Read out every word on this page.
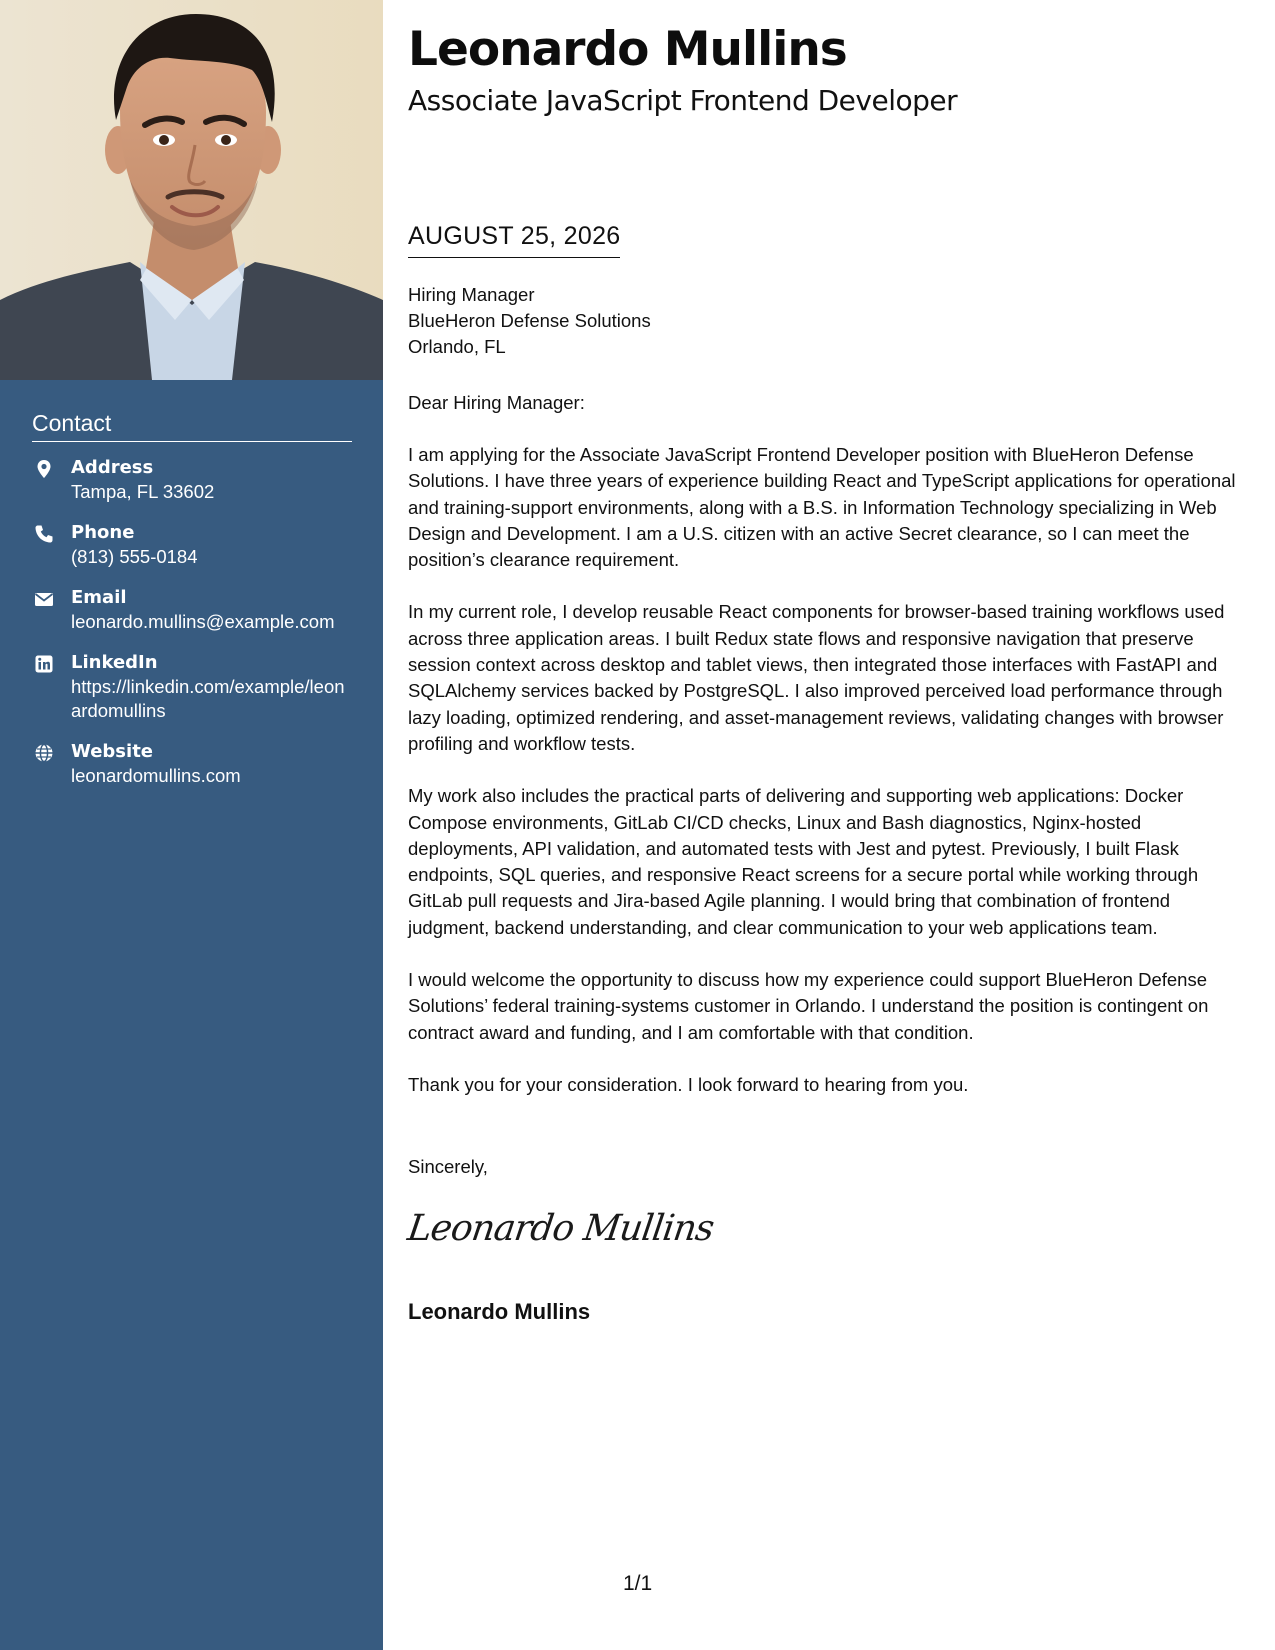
Contact
Address
Tampa, FL 33602
Phone
(813) 555-0184
Email
leonardo.mullins@example.com
LinkedIn
https://linkedin.com/example/leonardomullins
Website
leonardomullins.com
Leonardo Mullins
Associate JavaScript Frontend Developer
AUGUST 25, 2026
Hiring Manager
BlueHeron Defense Solutions
Orlando, FL
Dear Hiring Manager:

I am applying for the Associate JavaScript Frontend Developer position with BlueHeron Defense Solutions. I have three years of experience building React and TypeScript applications for operational and training-support environments, along with a B.S. in Information Technology specializing in Web Design and Development. I am a U.S. citizen with an active Secret clearance, so I can meet the position’s clearance requirement.

In my current role, I develop reusable React components for browser-based training workflows used across three application areas. I built Redux state flows and responsive navigation that preserve session context across desktop and tablet views, then integrated those interfaces with FastAPI and SQLAlchemy services backed by PostgreSQL. I also improved perceived load performance through lazy loading, optimized rendering, and asset-management reviews, validating changes with browser profiling and workflow tests.

My work also includes the practical parts of delivering and supporting web applications: Docker Compose environments, GitLab CI/CD checks, Linux and Bash diagnostics, Nginx-hosted deployments, API validation, and automated tests with Jest and pytest. Previously, I built Flask endpoints, SQL queries, and responsive React screens for a secure portal while working through GitLab pull requests and Jira-based Agile planning. I would bring that combination of frontend judgment, backend understanding, and clear communication to your web applications team.

I would welcome the opportunity to discuss how my experience could support BlueHeron Defense Solutions’ federal training-systems customer in Orlando. I understand the position is contingent on contract award and funding, and I am comfortable with that condition.

Thank you for your consideration. I look forward to hearing from you.

Sincerely,
Leonardo Mullins
Leonardo Mullins
1/1
